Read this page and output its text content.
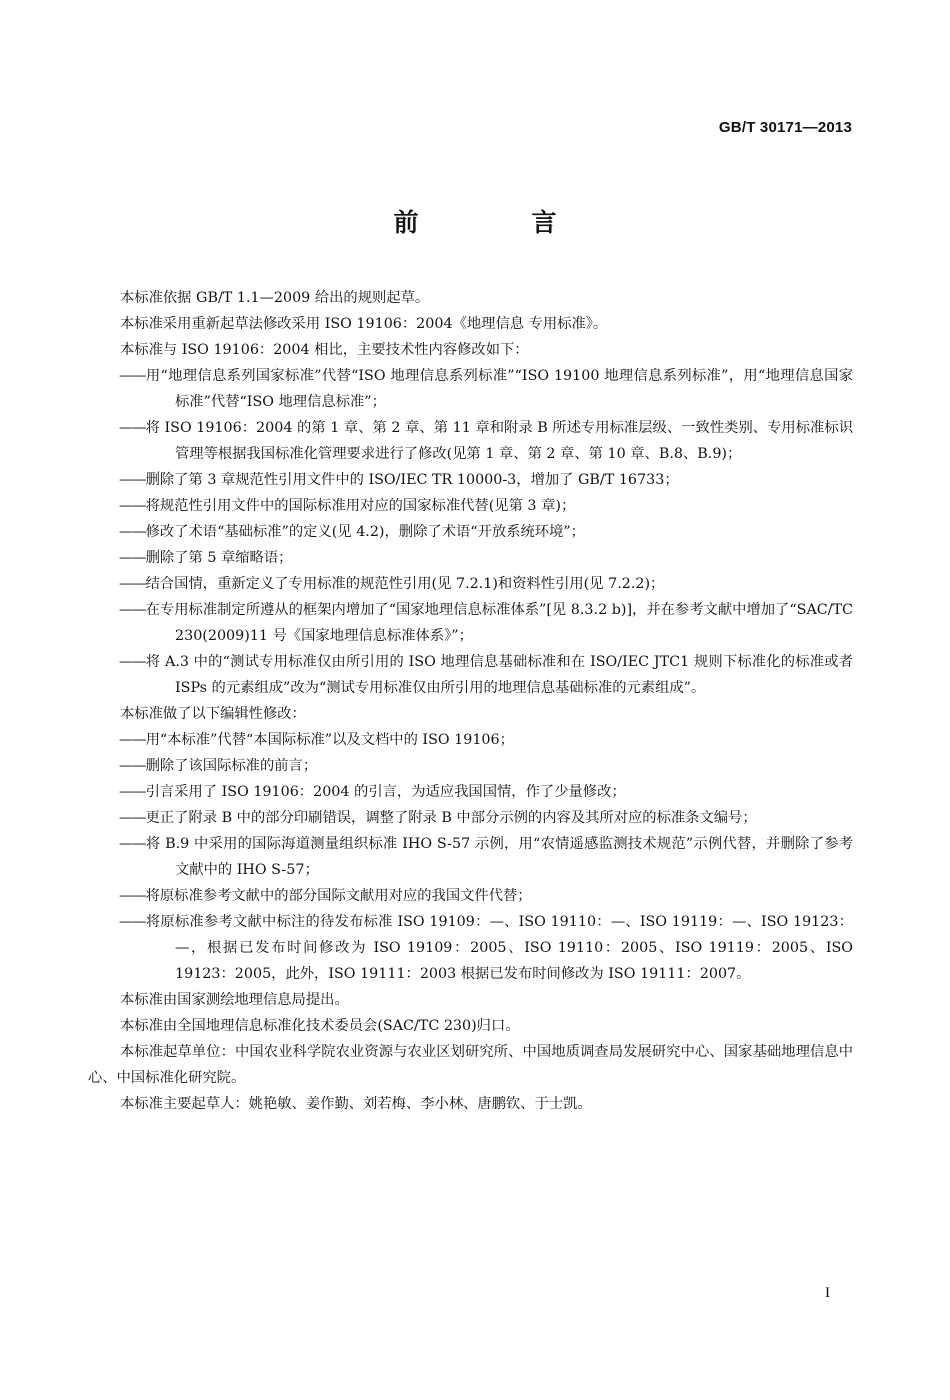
GB/T 30171—2013
前　言

本标准依据 GB/T 1.1—2009 给出的规则起草。

本标准采用重新起草法修改采用 ISO 19106：2004《地理信息 专用标准》。

本标准与 ISO 19106：2004 相比，主要技术性内容修改如下：

——用“地理信息系列国家标准”代替“ISO 地理信息系列标准”“ISO 19100 地理信息系列标准”，用“地理信息国家标准”代替“ISO 地理信息标准”；

——将 ISO 19106：2004 的第 1 章、第 2 章、第 11 章和附录 B 所述专用标准层级、一致性类别、专用标准标识管理等根据我国标准化管理要求进行了修改(见第 1 章、第 2 章、第 10 章、B.8、B.9)；

——删除了第 3 章规范性引用文件中的 ISO/IEC TR 10000-3，增加了 GB/T 16733；

——将规范性引用文件中的国际标准用对应的国家标准代替(见第 3 章)；

——修改了术语“基础标准”的定义(见 4.2)，删除了术语“开放系统环境”；

——删除了第 5 章缩略语；

——结合国情，重新定义了专用标准的规范性引用(见 7.2.1)和资料性引用(见 7.2.2)；

——在专用标准制定所遵从的框架内增加了“国家地理信息标准体系”[见 8.3.2 b)]，并在参考文献中增加了“SAC/TC 230(2009)11 号《国家地理信息标准体系》”；

——将 A.3 中的“测试专用标准仅由所引用的 ISO 地理信息基础标准和在 ISO/IEC JTC1 规则下标准化的标准或者 ISPs 的元素组成”改为“测试专用标准仅由所引用的地理信息基础标准的元素组成”。

本标准做了以下编辑性修改：

——用“本标准”代替“本国际标准”以及文档中的 ISO 19106；

——删除了该国际标准的前言；

——引言采用了 ISO 19106：2004 的引言，为适应我国国情，作了少量修改；

——更正了附录 B 中的部分印刷错误，调整了附录 B 中部分示例的内容及其所对应的标准条文编号；

——将 B.9 中采用的国际海道测量组织标准 IHO S-57 示例，用“农情遥感监测技术规范”示例代替，并删除了参考文献中的 IHO S-57；

——将原标准参考文献中的部分国际文献用对应的我国文件代替；

——将原标准参考文献中标注的待发布标准 ISO 19109：—、ISO 19110：—、ISO 19119：—、ISO 19123：—，根据已发布时间修改为 ISO 19109：2005、ISO 19110：2005、ISO 19119：2005、ISO 19123：2005，此外，ISO 19111：2003 根据已发布时间修改为 ISO 19111：2007。

本标准由国家测绘地理信息局提出。

本标准由全国地理信息标准化技术委员会(SAC/TC 230)归口。

本标准起草单位：中国农业科学院农业资源与农业区划研究所、中国地质调查局发展研究中心、国家基础地理信息中心、中国标准化研究院。

本标准主要起草人：姚艳敏、姜作勤、刘若梅、李小林、唐鹏钦、于士凯。

I
